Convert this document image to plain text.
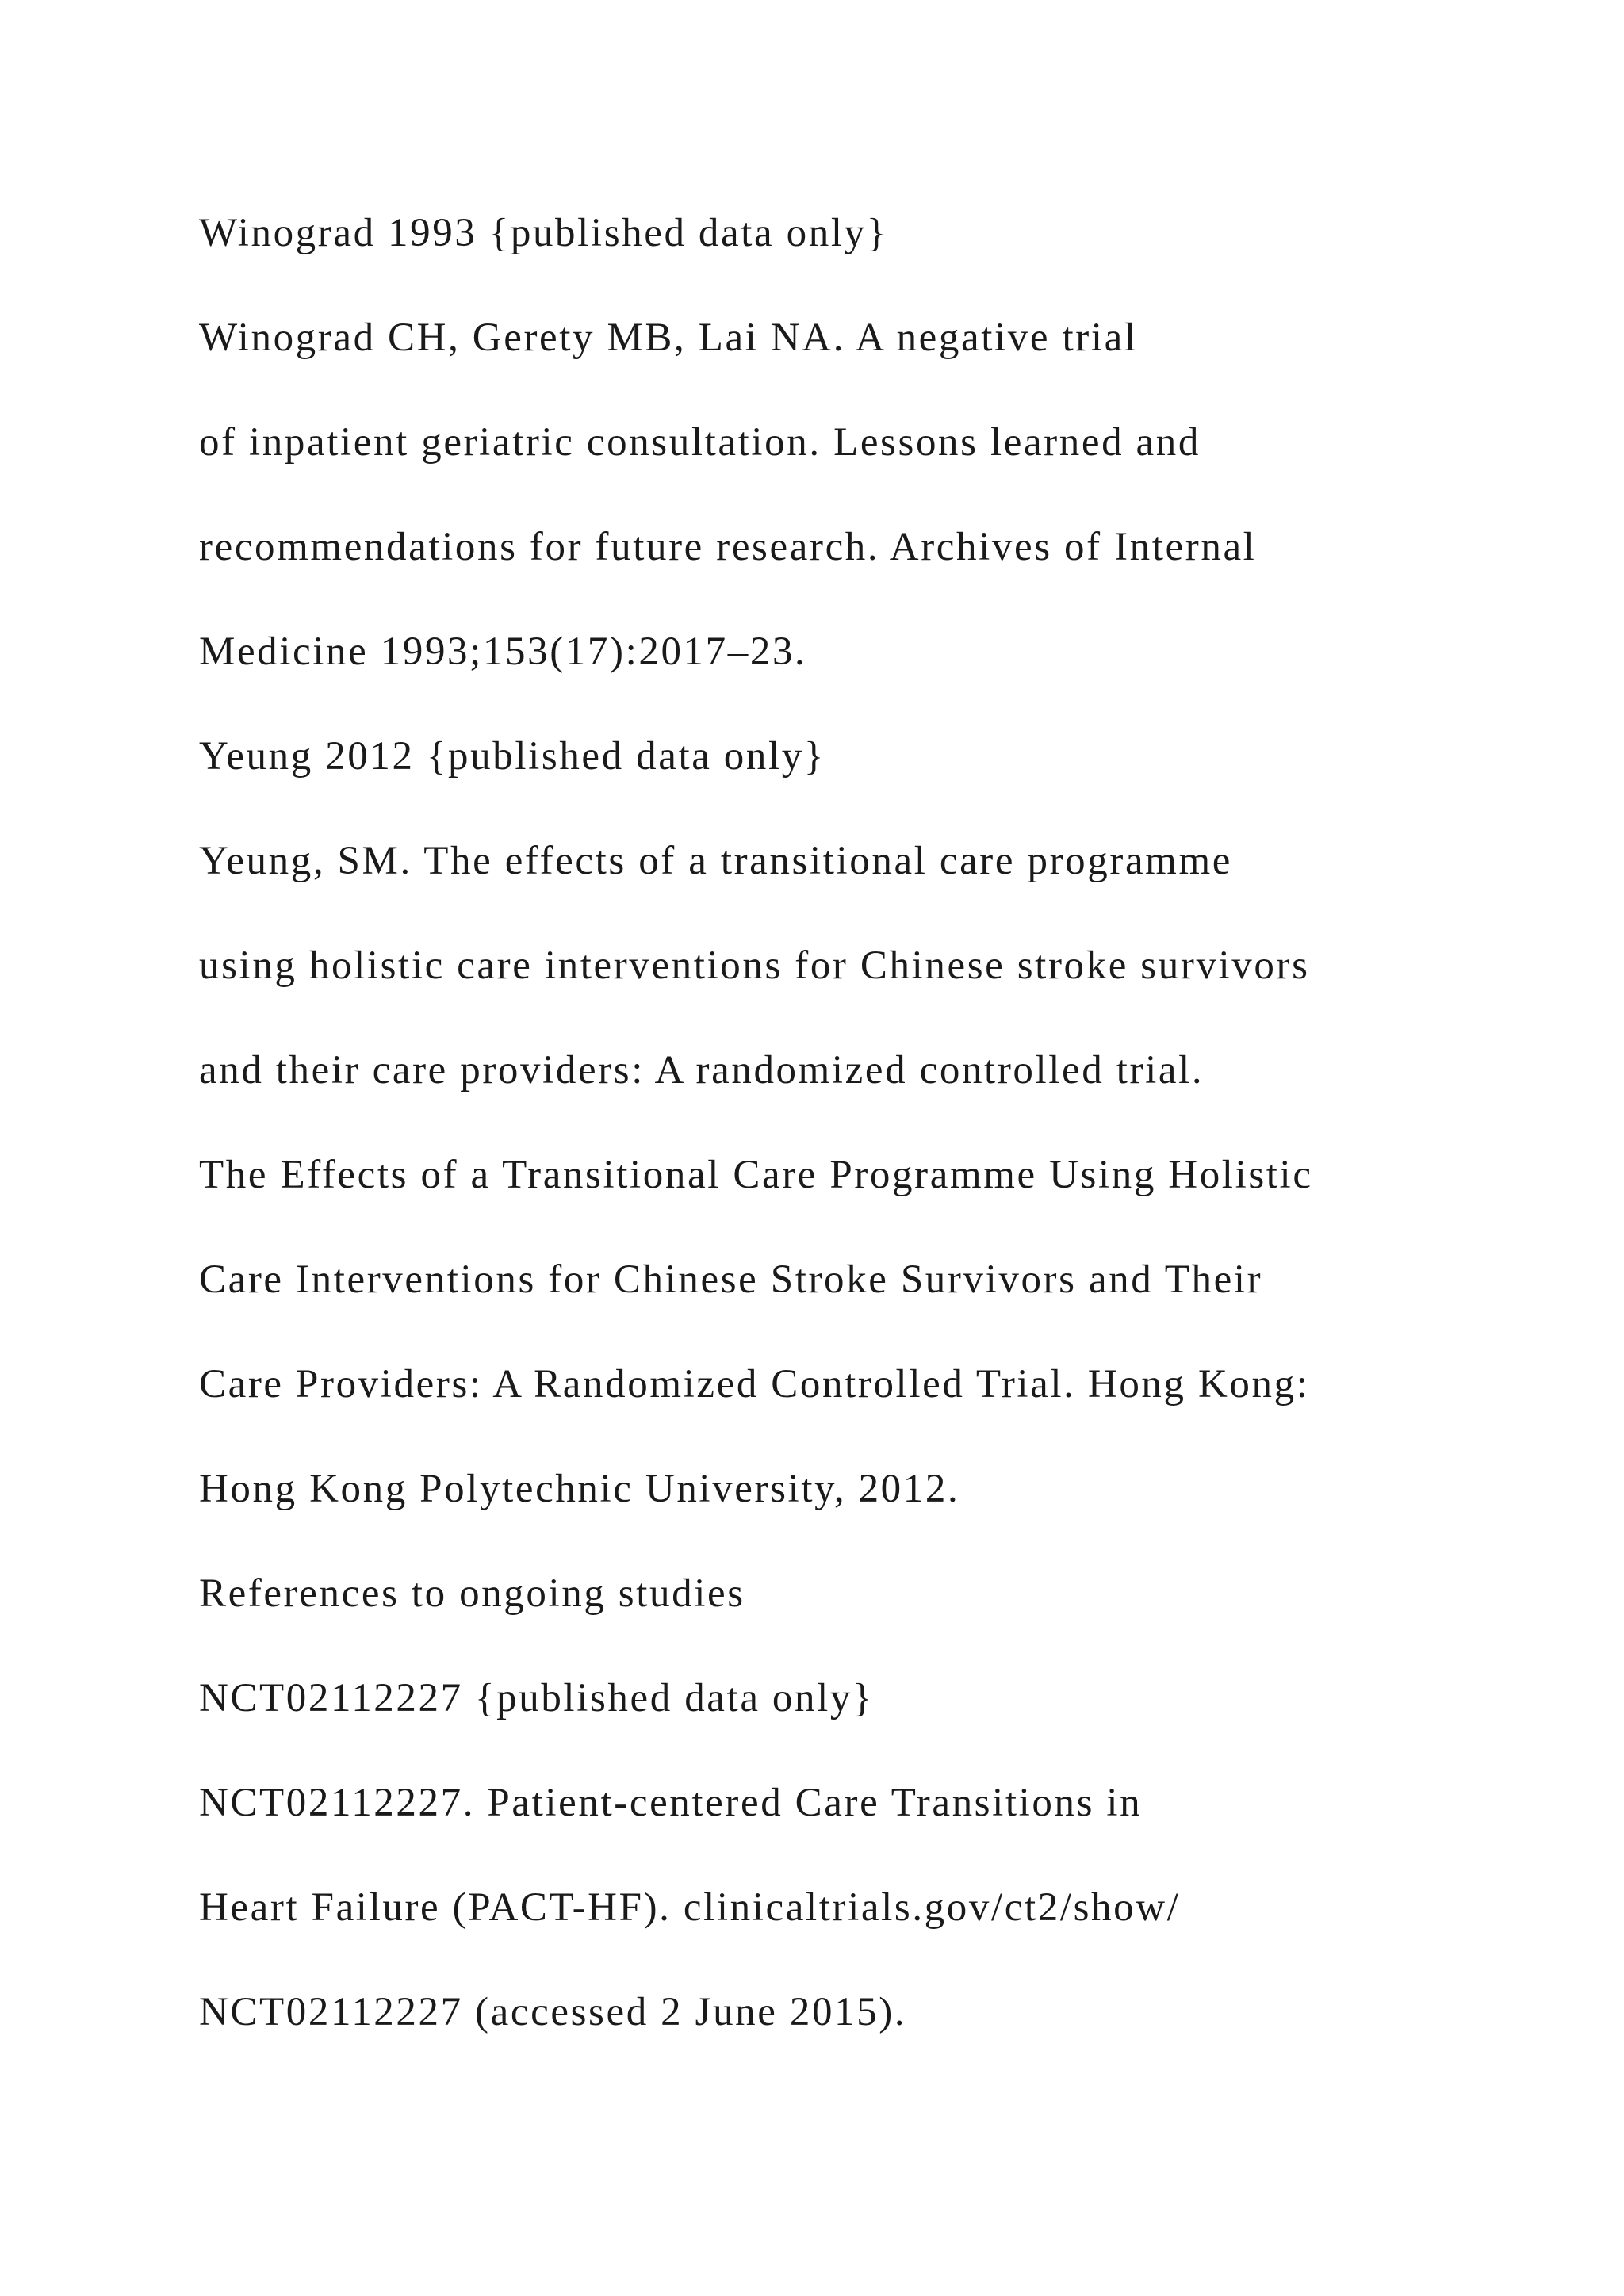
Winograd 1993 {published data only}

Winograd CH, Gerety MB, Lai NA. A negative trial

of inpatient geriatric consultation. Lessons learned and

recommendations for future research. Archives of Internal

Medicine 1993;153(17):2017–23.

Yeung 2012 {published data only}

Yeung, SM. The effects of a transitional care programme

using holistic care interventions for Chinese stroke survivors

and their care providers: A randomized controlled trial.

The Effects of a Transitional Care Programme Using Holistic

Care Interventions for Chinese Stroke Survivors and Their

Care Providers: A Randomized Controlled Trial. Hong Kong:

Hong Kong Polytechnic University, 2012.

References to ongoing studies

NCT02112227 {published data only}

NCT02112227. Patient-centered Care Transitions in

Heart Failure (PACT-HF). clinicaltrials.gov/ct2/show/

NCT02112227 (accessed 2 June 2015).
